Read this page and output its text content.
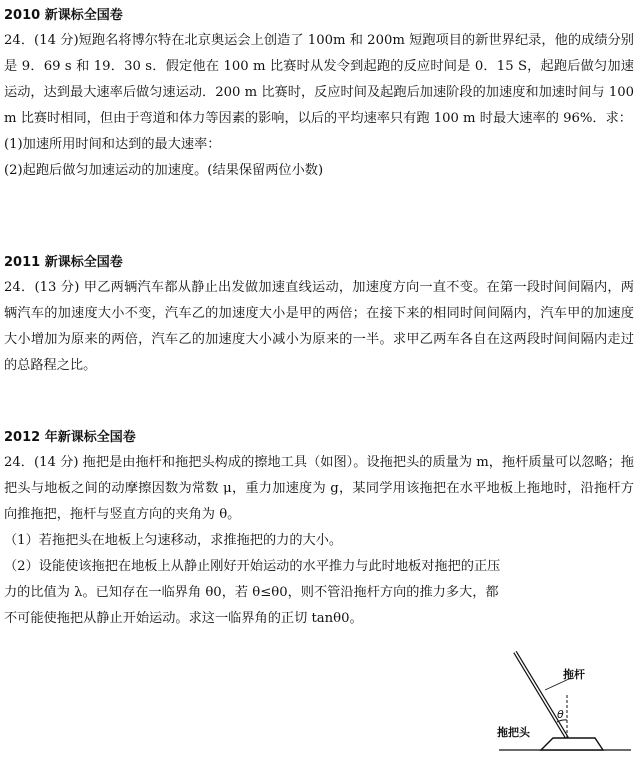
2010 新课标全国卷

24．(14 分)短跑名将博尔特在北京奥运会上创造了 100m 和 200m 短跑项目的新世界纪录，他的成绩分别是 9．69 s 和 19．30 s．假定他在 100 m 比赛时从发令到起跑的反应时间是 0．15 S，起跑后做匀加速运动，达到最大速率后做匀速运动．200 m 比赛时，反应时间及起跑后加速阶段的加速度和加速时间与 100 m 比赛时相同，但由于弯道和体力等因素的影响，以后的平均速率只有跑 100 m 时最大速率的 96%．求：

(1)加速所用时间和达到的最大速率：

(2)起跑后做匀加速运动的加速度。(结果保留两位小数)

2011 新课标全国卷

24．(13 分) 甲乙两辆汽车都从静止出发做加速直线运动，加速度方向一直不变。在第一段时间间隔内，两辆汽车的加速度大小不变，汽车乙的加速度大小是甲的两倍；在接下来的相同时间间隔内，汽车甲的加速度大小增加为原来的两倍，汽车乙的加速度大小减小为原来的一半。求甲乙两车各自在这两段时间间隔内走过的总路程之比。

2012 年新课标全国卷

24．(14 分) 拖把是由拖杆和拖把头构成的擦地工具（如图）。设拖把头的质量为 m，拖杆质量可以忽略；拖把头与地板之间的动摩擦因数为常数 μ，重力加速度为 g，某同学用该拖把在水平地板上拖地时，沿拖杆方向推拖把，拖杆与竖直方向的夹角为 θ。

（1）若拖把头在地板上匀速移动，求推拖把的力的大小。

（2）设能使该拖把在地板上从静止刚好开始运动的水平推力与此时地板对拖把的正压力的比值为 λ。已知存在一临界角 θ0，若 θ≤θ0，则不管沿拖杆方向的推力多大，都不可能使拖把从静止开始运动。求这一临界角的正切 tanθ0。

拖杆
θ
拖把头
